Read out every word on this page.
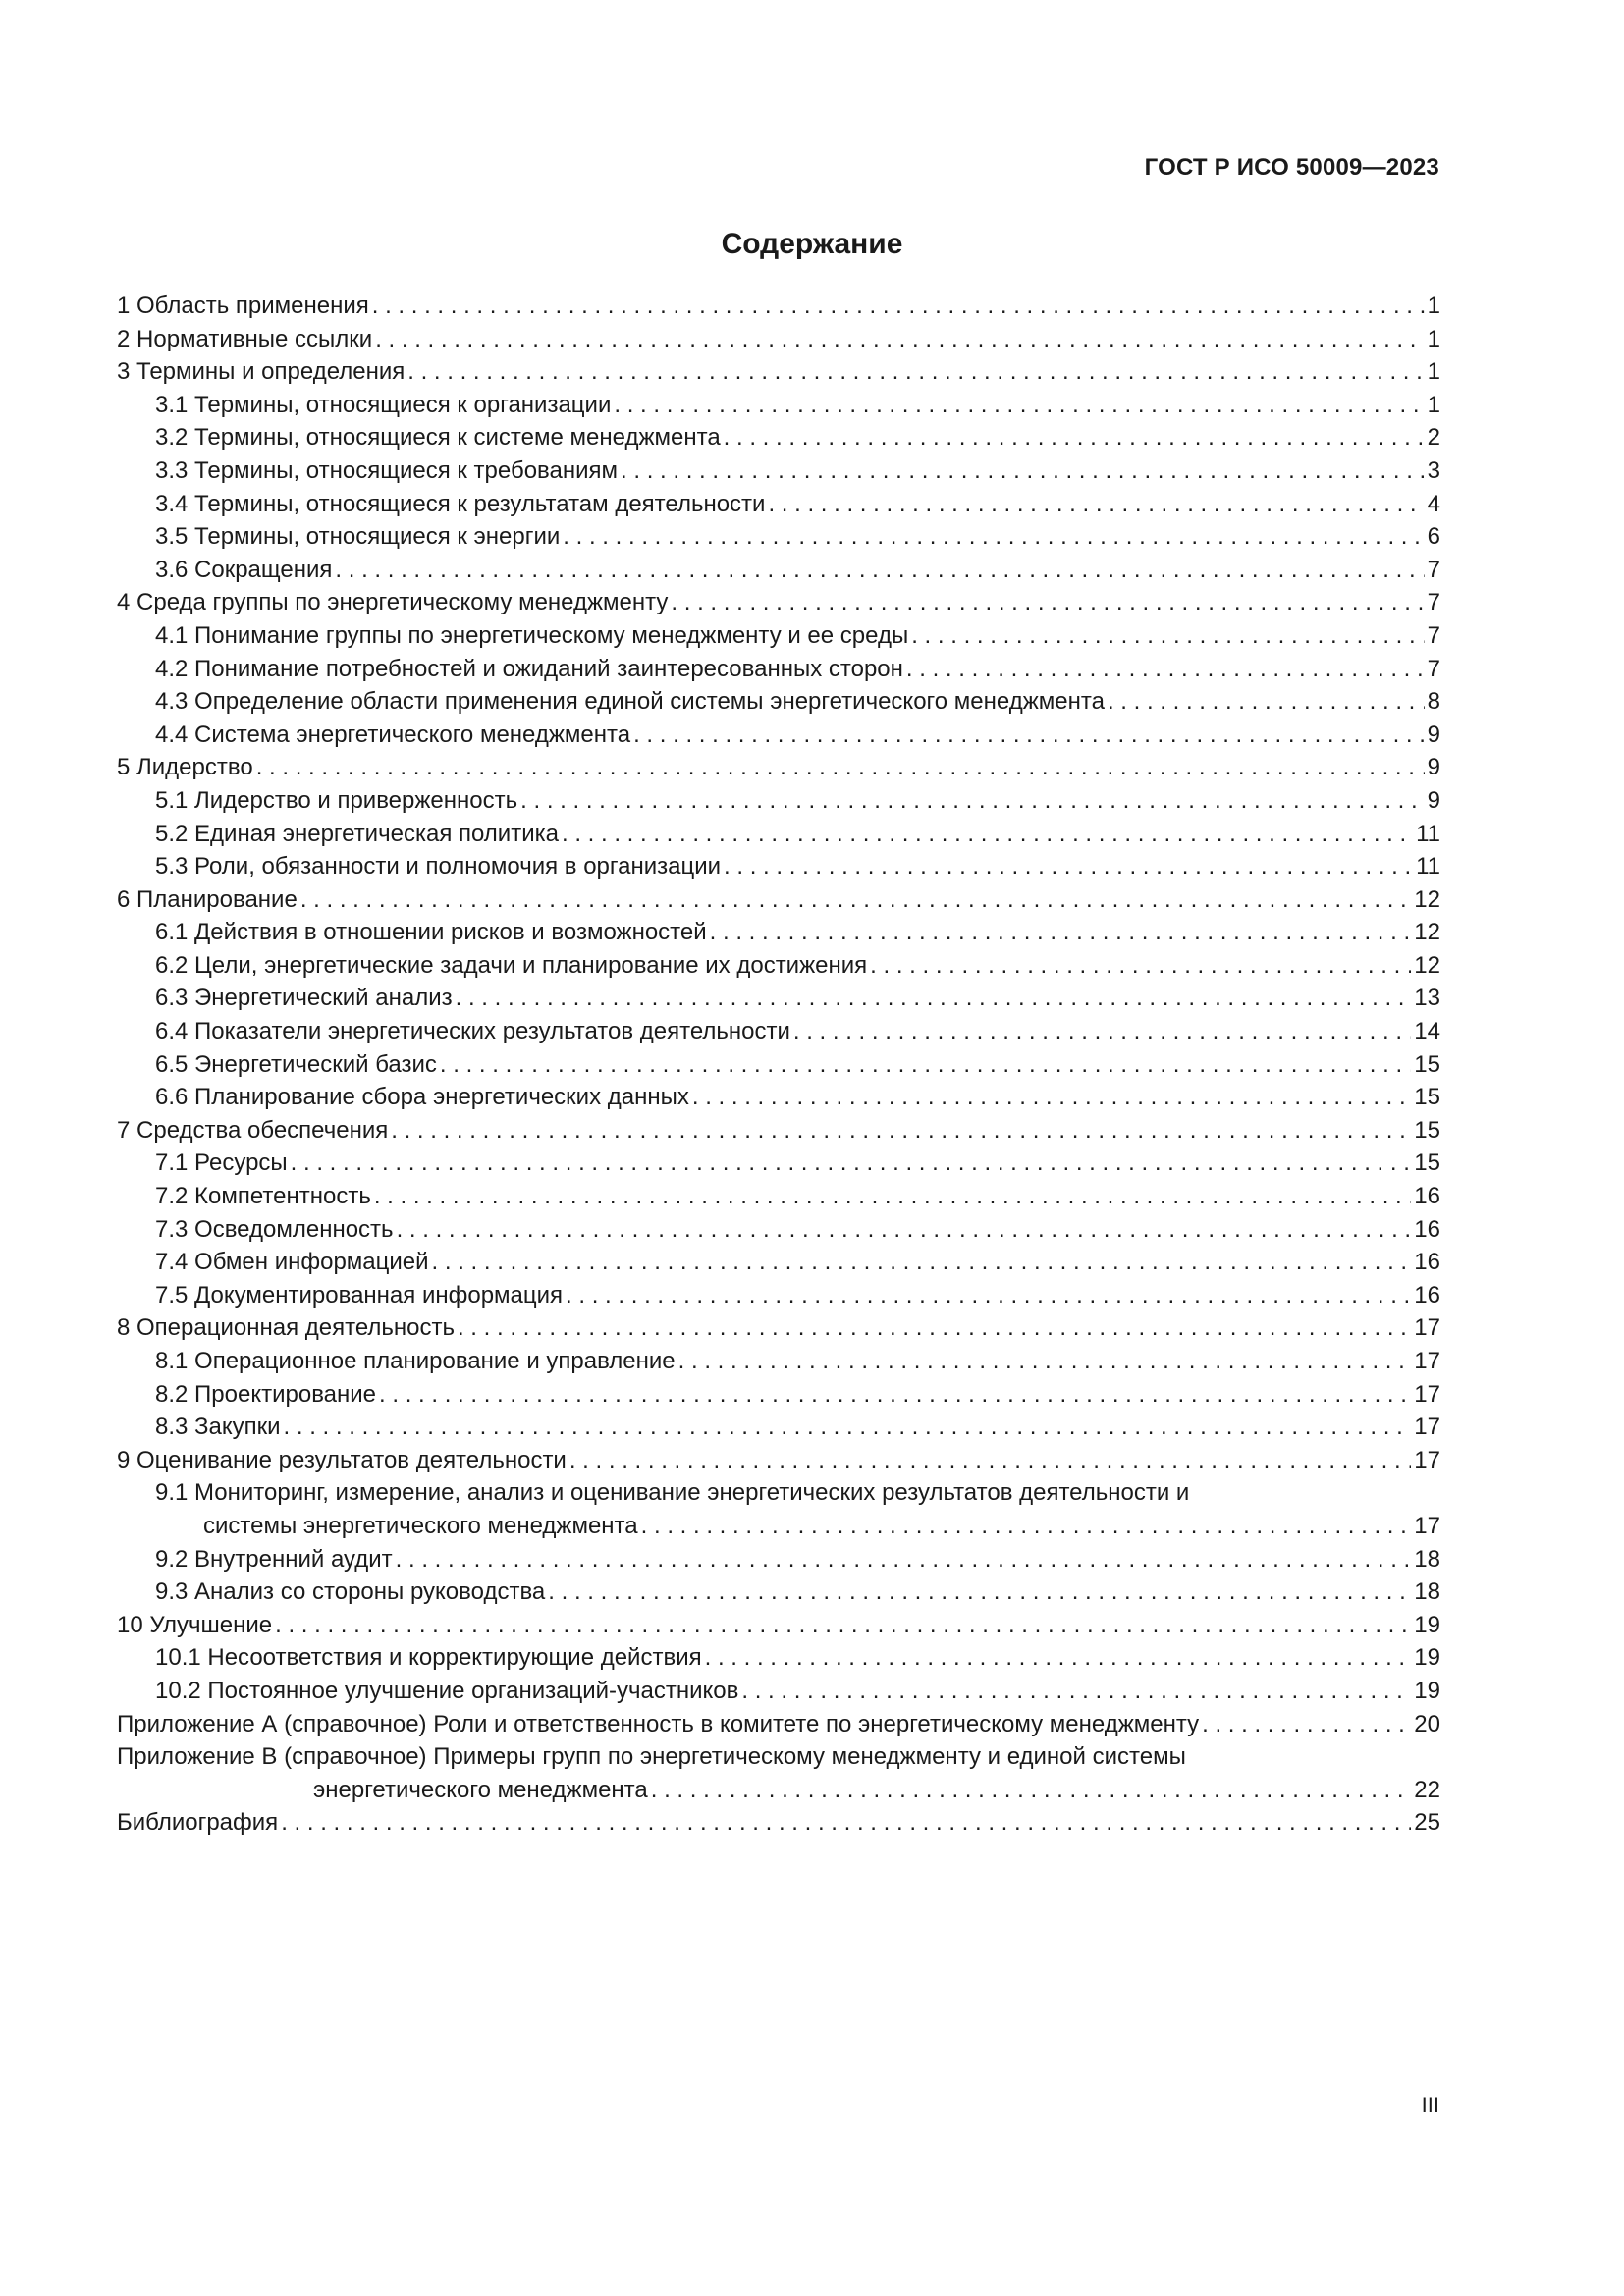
ГОСТ Р ИСО 50009—2023
Содержание
1 Область применения . . .	1
2 Нормативные ссылки . . .	1
3 Термины и определения . . .	1
3.1 Термины, относящиеся к организации . . .	1
3.2 Термины, относящиеся к системе менеджмента . . .	2
3.3 Термины, относящиеся к требованиям . . .	3
3.4 Термины, относящиеся к результатам деятельности . . .	4
3.5 Термины, относящиеся к энергии . . .	6
3.6 Сокращения . . .	7
4 Среда группы по энергетическому менеджменту . . .	7
4.1 Понимание группы по энергетическому менеджменту и ее среды . . .	7
4.2 Понимание потребностей и ожиданий заинтересованных сторон . . .	7
4.3 Определение области применения единой системы энергетического менеджмента . . .	8
4.4 Система энергетического менеджмента . . .	9
5 Лидерство . . .	9
5.1 Лидерство и приверженность . . .	9
5.2 Единая энергетическая политика . . .	11
5.3 Роли, обязанности и полномочия в организации . . .	11
6 Планирование . . .	12
6.1 Действия в отношении рисков и возможностей . . .	12
6.2 Цели, энергетические задачи и планирование их достижения . . .	12
6.3 Энергетический анализ . . .	13
6.4 Показатели энергетических результатов деятельности . . .	14
6.5 Энергетический базис . . .	15
6.6 Планирование сбора энергетических данных . . .	15
7 Средства обеспечения . . .	15
7.1 Ресурсы . . .	15
7.2 Компетентность . . .	16
7.3 Осведомленность . . .	16
7.4 Обмен информацией . . .	16
7.5 Документированная информация . . .	16
8 Операционная деятельность . . .	17
8.1 Операционное планирование и управление . . .	17
8.2 Проектирование . . .	17
8.3 Закупки . . .	17
9 Оценивание результатов деятельности . . .	17
9.1 Мониторинг, измерение, анализ и оценивание энергетических результатов деятельности и
системы энергетического менеджмента . . .	17
9.2 Внутренний аудит . . .	18
9.3 Анализ со стороны руководства . . .	18
10 Улучшение . . .	19
10.1 Несоответствия и корректирующие действия . . .	19
10.2 Постоянное улучшение организаций-участников . . .	19
Приложение А (справочное) Роли и ответственность в комитете по энергетическому менеджменту . . .	20
Приложение В (справочное) Примеры групп по энергетическому менеджменту и единой системы
энергетического менеджмента . . .	22
Библиография . . .	25
III
